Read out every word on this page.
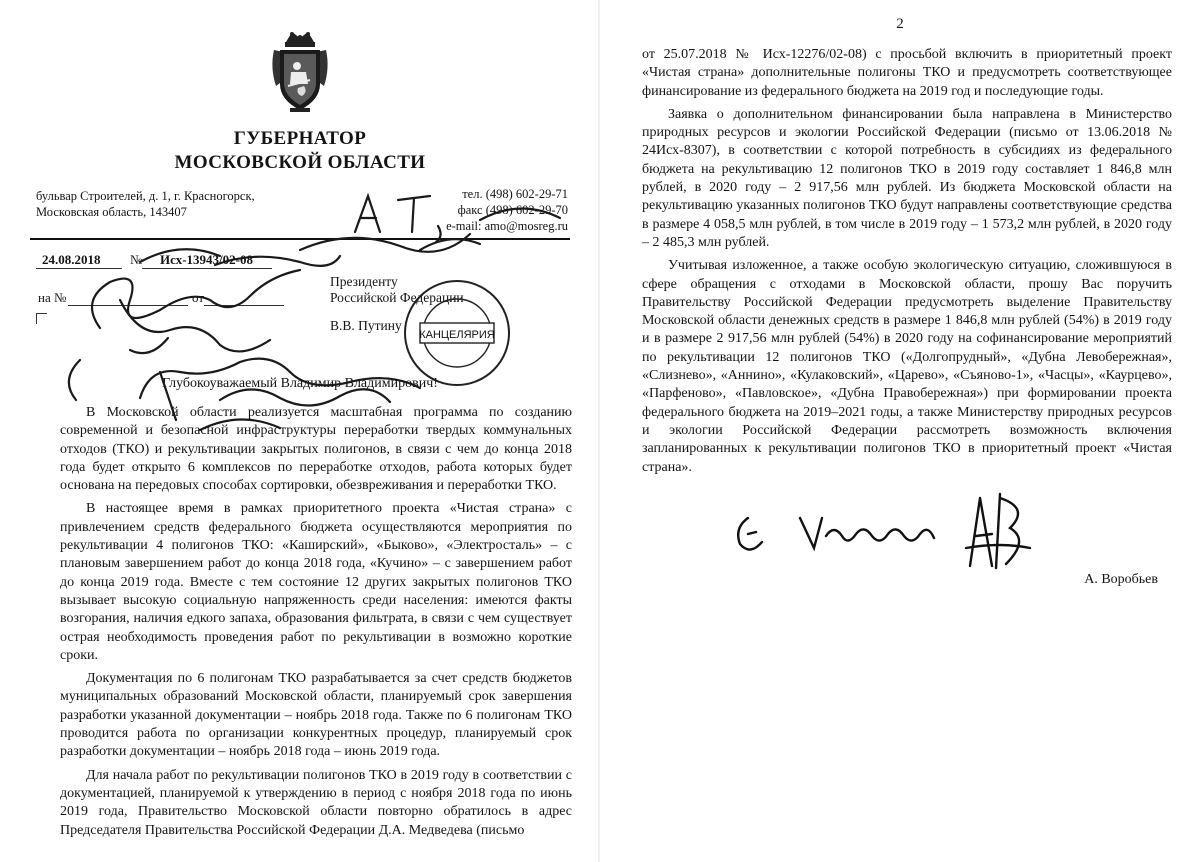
ГУБЕРНАТОР
МОСКОВСКОЙ ОБЛАСТИ
бульвар Строителей, д. 1, г. Красногорск,
Московская область, 143407
тел. (498) 602-29-71
факс (498) 602-29-70
e-mail: amo@mosreg.ru
24.08.2018 № Исх-13943/02-08
на №	от
Президенту
Российской Федерации
В.В. Путину
КАНЦЕЛЯРИЯ
Глубокоуважаемый Владимир Владимирович!

В Московской области реализуется масштабная программа по созданию современной и безопасной инфраструктуры переработки твердых коммунальных отходов (ТКО) и рекультивации закрытых полигонов, в связи с чем до конца 2018 года будет открыто 6 комплексов по переработке отходов, работа которых будет основана на передовых способах сортировки, обезвреживания и переработки ТКО.

В настоящее время в рамках приоритетного проекта «Чистая страна» с привлечением средств федерального бюджета осуществляются мероприятия по рекультивации 4 полигонов ТКО: «Каширский», «Быково», «Электросталь» – с плановым завершением работ до конца 2018 года, «Кучино» – с завершением работ до конца 2019 года. Вместе с тем состояние 12 других закрытых полигонов ТКО вызывает высокую социальную напряженность среди населения: имеются факты возгорания, наличия едкого запаха, образования фильтрата, в связи с чем существует острая необходимость проведения работ по рекультивации в возможно короткие сроки.

Документация по 6 полигонам ТКО разрабатывается за счет средств бюджетов муниципальных образований Московской области, планируемый срок завершения разработки указанной документации – ноябрь 2018 года. Также по 6 полигонам ТКО проводится работа по организации конкурентных процедур, планируемый срок разработки документации – ноябрь 2018 года – июнь 2019 года.

Для начала работ по рекультивации полигонов ТКО в 2019 году в соответствии с документацией, планируемой к утверждению в период с ноября 2018 года по июнь 2019 года, Правительство Московской области повторно обратилось в адрес Председателя Правительства Российской Федерации Д.А. Медведева (письмо

2

от 25.07.2018 № Исх-12276/02-08) с просьбой включить в приоритетный проект «Чистая страна» дополнительные полигоны ТКО и предусмотреть соответствующее финансирование из федерального бюджета на 2019 год и последующие годы.

Заявка о дополнительном финансировании была направлена в Министерство природных ресурсов и экологии Российской Федерации (письмо от 13.06.2018 № 24Исх-8307), в соответствии с которой потребность в субсидиях из федерального бюджета на рекультивацию 12 полигонов ТКО в 2019 году составляет 1 846,8 млн рублей, в 2020 году – 2 917,56 млн рублей. Из бюджета Московской области на рекультивацию указанных полигонов ТКО будут направлены соответствующие средства в размере 4 058,5 млн рублей, в том числе в 2019 году – 1 573,2 млн рублей, в 2020 году – 2 485,3 млн рублей.

Учитывая изложенное, а также особую экологическую ситуацию, сложившуюся в сфере обращения с отходами в Московской области, прошу Вас поручить Правительству Российской Федерации предусмотреть выделение Правительству Московской области денежных средств в размере 1 846,8 млн рублей (54%) в 2019 году и в размере 2 917,56 млн рублей (54%) в 2020 году на софинансирование мероприятий по рекультивации 12 полигонов ТКО («Долгопрудный», «Дубна Левобережная», «Слизнево», «Аннино», «Кулаковский», «Царево», «Съяново-1», «Часцы», «Каурцево», «Парфеново», «Павловское», «Дубна Правобережная») при формировании проекта федерального бюджета на 2019–2021 годы, а также Министерству природных ресурсов и экологии Российской Федерации рассмотреть возможность включения запланированных к рекультивации полигонов ТКО в приоритетный проект «Чистая страна».

А. Воробьев
